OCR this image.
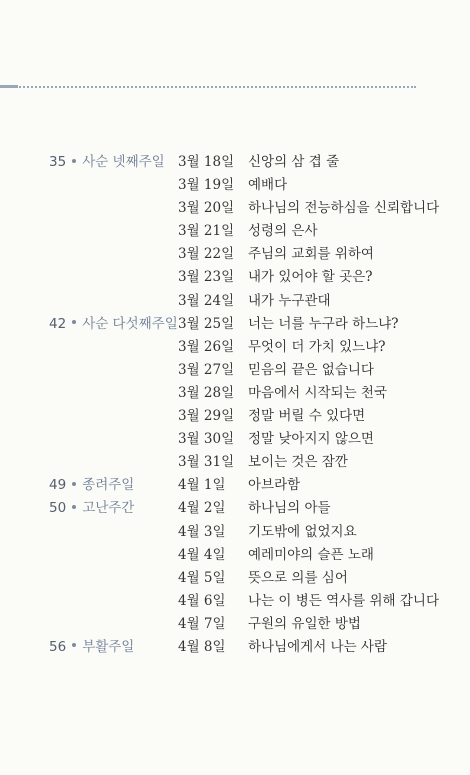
35 사순 넷째주일 3월 18일 신앙의 삼 겹 줄
3월 19일 예배다
3월 20일 하나님의 전능하심을 신뢰합니다
3월 21일 성령의 은사
3월 22일 주님의 교회를 위하여
3월 23일 내가 있어야 할 곳은?
3월 24일 내가 누구관대
42 사순 다섯째주일 3월 25일 너는 너를 누구라 하느냐?
3월 26일 무엇이 더 가치 있느냐?
3월 27일 믿음의 끝은 없습니다
3월 28일 마음에서 시작되는 천국
3월 29일 정말 버릴 수 있다면
3월 30일 정말 낮아지지 않으면
3월 31일 보이는 것은 잠깐
49 종려주일	4월 1일	아브라함
50 고난주간	4월 2일	하나님의 아들
4월 3일	기도밖에 없었지요
4월 4일	예레미야의 슬픈 노래
4월 5일	뜻으로 의를 심어
4월 6일	나는 이 병든 역사를 위해 갑니다
4월 7일	구원의 유일한 방법
56 부활주일	4월 8일	하나님에게서 나는 사람
